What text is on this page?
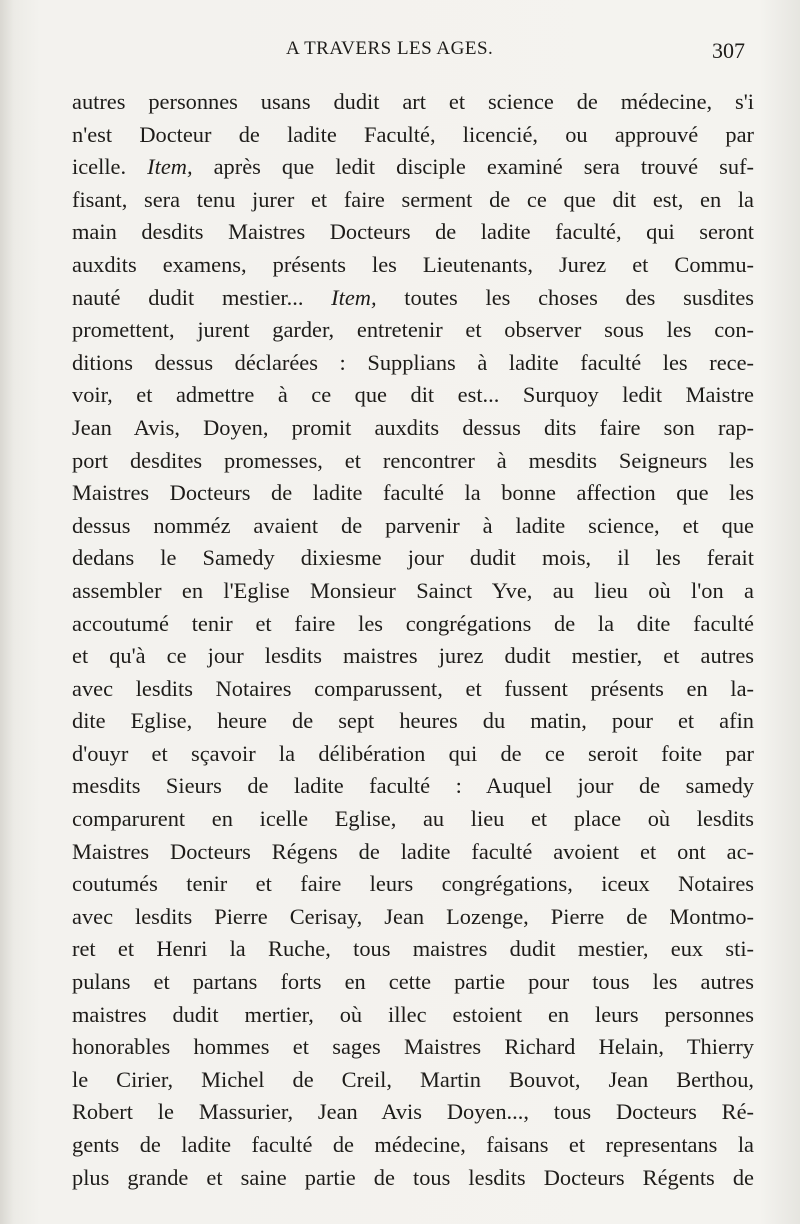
A TRAVERS LES AGES.	307
autres personnes usans dudit art et science de médecine, s'i
n'est Docteur de ladite Faculté, licencié, ou approuvé par
icelle. Item, après que ledit disciple examiné sera trouvé suf-
fisant, sera tenu jurer et faire serment de ce que dit est, en la
main desdits Maistres Docteurs de ladite faculté, qui seront
auxdits examens, présents les Lieutenants, Jurez et Commu-
nauté dudit mestier... Item, toutes les choses des susdites
promettent, jurent garder, entretenir et observer sous les con-
ditions dessus déclarées : Supplians à ladite faculté les rece-
voir, et admettre à ce que dit est... Surquoy ledit Maistre
Jean Avis, Doyen, promit auxdits dessus dits faire son rap-
port desdites promesses, et rencontrer à mesdits Seigneurs les
Maistres Docteurs de ladite faculté la bonne affection que les
dessus nomméz avaient de parvenir à ladite science, et que
dedans le Samedy dixiesme jour dudit mois, il les ferait
assembler en l'Eglise Monsieur Sainct Yve, au lieu où l'on a
accoutumé tenir et faire les congrégations de la dite faculté
et qu'à ce jour lesdits maistres jurez dudit mestier, et autres
avec lesdits Notaires comparussent, et fussent présents en la-
dite Eglise, heure de sept heures du matin, pour et afin
d'ouyr et sçavoir la délibération qui de ce seroit foite par
mesdits Sieurs de ladite faculté : Auquel jour de samedy
comparurent en icelle Eglise, au lieu et place où lesdits
Maistres Docteurs Régens de ladite faculté avoient et ont ac-
coutumés tenir et faire leurs congrégations, iceux Notaires
avec lesdits Pierre Cerisay, Jean Lozenge, Pierre de Montmo-
ret et Henri la Ruche, tous maistres dudit mestier, eux sti-
pulans et partans forts en cette partie pour tous les autres
maistres dudit mertier, où illec estoient en leurs personnes
honorables hommes et sages Maistres Richard Helain, Thierry
le Cirier, Michel de Creil, Martin Bouvot, Jean Berthou,
Robert le Massurier, Jean Avis Doyen..., tous Docteurs Ré-
gents de ladite faculté de médecine, faisans et representans la
plus grande et saine partie de tous lesdits Docteurs Régents de
